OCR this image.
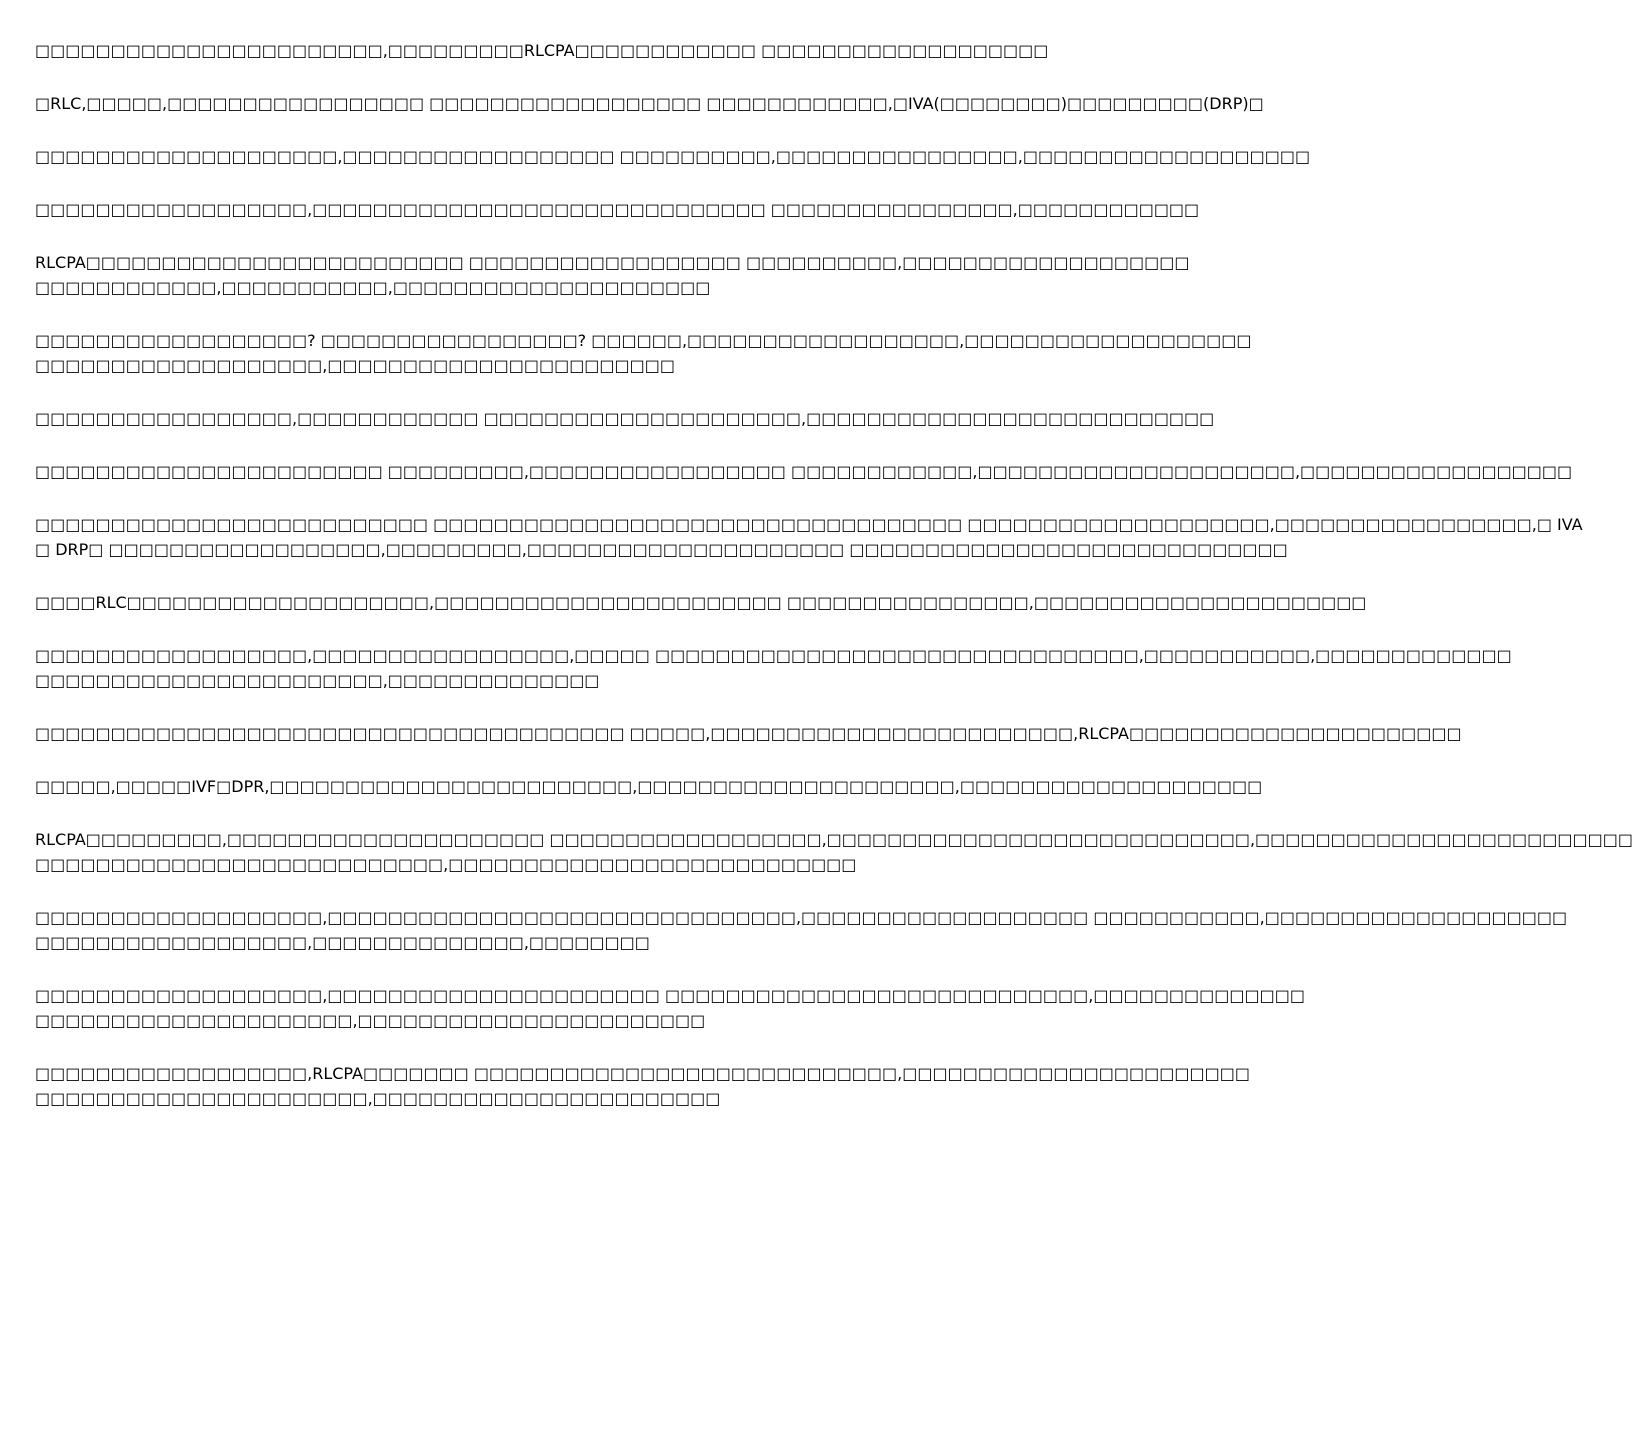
□□□□□□□□□□□□□□□□□□□□□□□,□□□□□□□□□RLCPA□□□□□□□□□□□□ □□□□□□□□□□□□□□□□□□□

□RLC,□□□□□,□□□□□□□□□□□□□□□□□ □□□□□□□□□□□□□□□□□□ □□□□□□□□□□□□,□IVA(□□□□□□□□)□□□□□□□□□(DRP)□

□□□□□□□□□□□□□□□□□□□□,□□□□□□□□□□□□□□□□□□ □□□□□□□□□□,□□□□□□□□□□□□□□□□,□□□□□□□□□□□□□□□□□□□

□□□□□□□□□□□□□□□□□□,□□□□□□□□□□□□□□□□□□□□□□□□□□□□□□ □□□□□□□□□□□□□□□□,□□□□□□□□□□□□

RLCPA□□□□□□□□□□□□□□□□□□□□□□□□□ □□□□□□□□□□□□□□□□□□ □□□□□□□□□□,□□□□□□□□□□□□□□□□□□□
□□□□□□□□□□□□,□□□□□□□□□□□,□□□□□□□□□□□□□□□□□□□□□

□□□□□□□□□□□□□□□□□□? □□□□□□□□□□□□□□□□□? □□□□□□,□□□□□□□□□□□□□□□□□□,□□□□□□□□□□□□□□□□□□□
□□□□□□□□□□□□□□□□□□□,□□□□□□□□□□□□□□□□□□□□□□□

□□□□□□□□□□□□□□□□□,□□□□□□□□□□□□ □□□□□□□□□□□□□□□□□□□□□,□□□□□□□□□□□□□□□□□□□□□□□□□□□

□□□□□□□□□□□□□□□□□□□□□□□ □□□□□□□□□,□□□□□□□□□□□□□□□□□ □□□□□□□□□□□□,□□□□□□□□□□□□□□□□□□□□□,□□□□□□□□□□□□□□□□□□

□□□□□□□□□□□□□□□□□□□□□□□□□□ □□□□□□□□□□□□□□□□□□□□□□□□□□□□□□□□□□□ □□□□□□□□□□□□□□□□□□□□,□□□□□□□□□□□□□□□□□,□ IVA
□ DRP□ □□□□□□□□□□□□□□□□□□,□□□□□□□□□,□□□□□□□□□□□□□□□□□□□□□ □□□□□□□□□□□□□□□□□□□□□□□□□□□□□

□□□□RLC□□□□□□□□□□□□□□□□□□□□,□□□□□□□□□□□□□□□□□□□□□□□ □□□□□□□□□□□□□□□□,□□□□□□□□□□□□□□□□□□□□□□

□□□□□□□□□□□□□□□□□□,□□□□□□□□□□□□□□□□□,□□□□□ □□□□□□□□□□□□□□□□□□□□□□□□□□□□□□□□,□□□□□□□□□□□,□□□□□□□□□□□□□
□□□□□□□□□□□□□□□□□□□□□□□,□□□□□□□□□□□□□□

□□□□□□□□□□□□□□□□□□□□□□□□□□□□□□□□□□□□□□□ □□□□□,□□□□□□□□□□□□□□□□□□□□□□□□,RLCPA□□□□□□□□□□□□□□□□□□□□□□

□□□□□,□□□□□IVF□DPR,□□□□□□□□□□□□□□□□□□□□□□□□,□□□□□□□□□□□□□□□□□□□□□,□□□□□□□□□□□□□□□□□□□□

RLCPA□□□□□□□□□,□□□□□□□□□□□□□□□□□□□□□ □□□□□□□□□□□□□□□□□□,□□□□□□□□□□□□□□□□□□□□□□□□□□□□,□□□□□□□□□□□□□□□□□□□□□□□□□
□□□□□□□□□□□□□□□□□□□□□□□□□□□,□□□□□□□□□□□□□□□□□□□□□□□□□□□

□□□□□□□□□□□□□□□□□□□,□□□□□□□□□□□□□□□□□□□□□□□□□□□□□□□,□□□□□□□□□□□□□□□□□□□ □□□□□□□□□□□,□□□□□□□□□□□□□□□□□□□□
□□□□□□□□□□□□□□□□□□,□□□□□□□□□□□□□□,□□□□□□□□

□□□□□□□□□□□□□□□□□□□,□□□□□□□□□□□□□□□□□□□□□□ □□□□□□□□□□□□□□□□□□□□□□□□□□□□,□□□□□□□□□□□□□□
□□□□□□□□□□□□□□□□□□□□□,□□□□□□□□□□□□□□□□□□□□□□□

□□□□□□□□□□□□□□□□□□,RLCPA□□□□□□□ □□□□□□□□□□□□□□□□□□□□□□□□□□□□,□□□□□□□□□□□□□□□□□□□□□□□
□□□□□□□□□□□□□□□□□□□□□□,□□□□□□□□□□□□□□□□□□□□□□□
